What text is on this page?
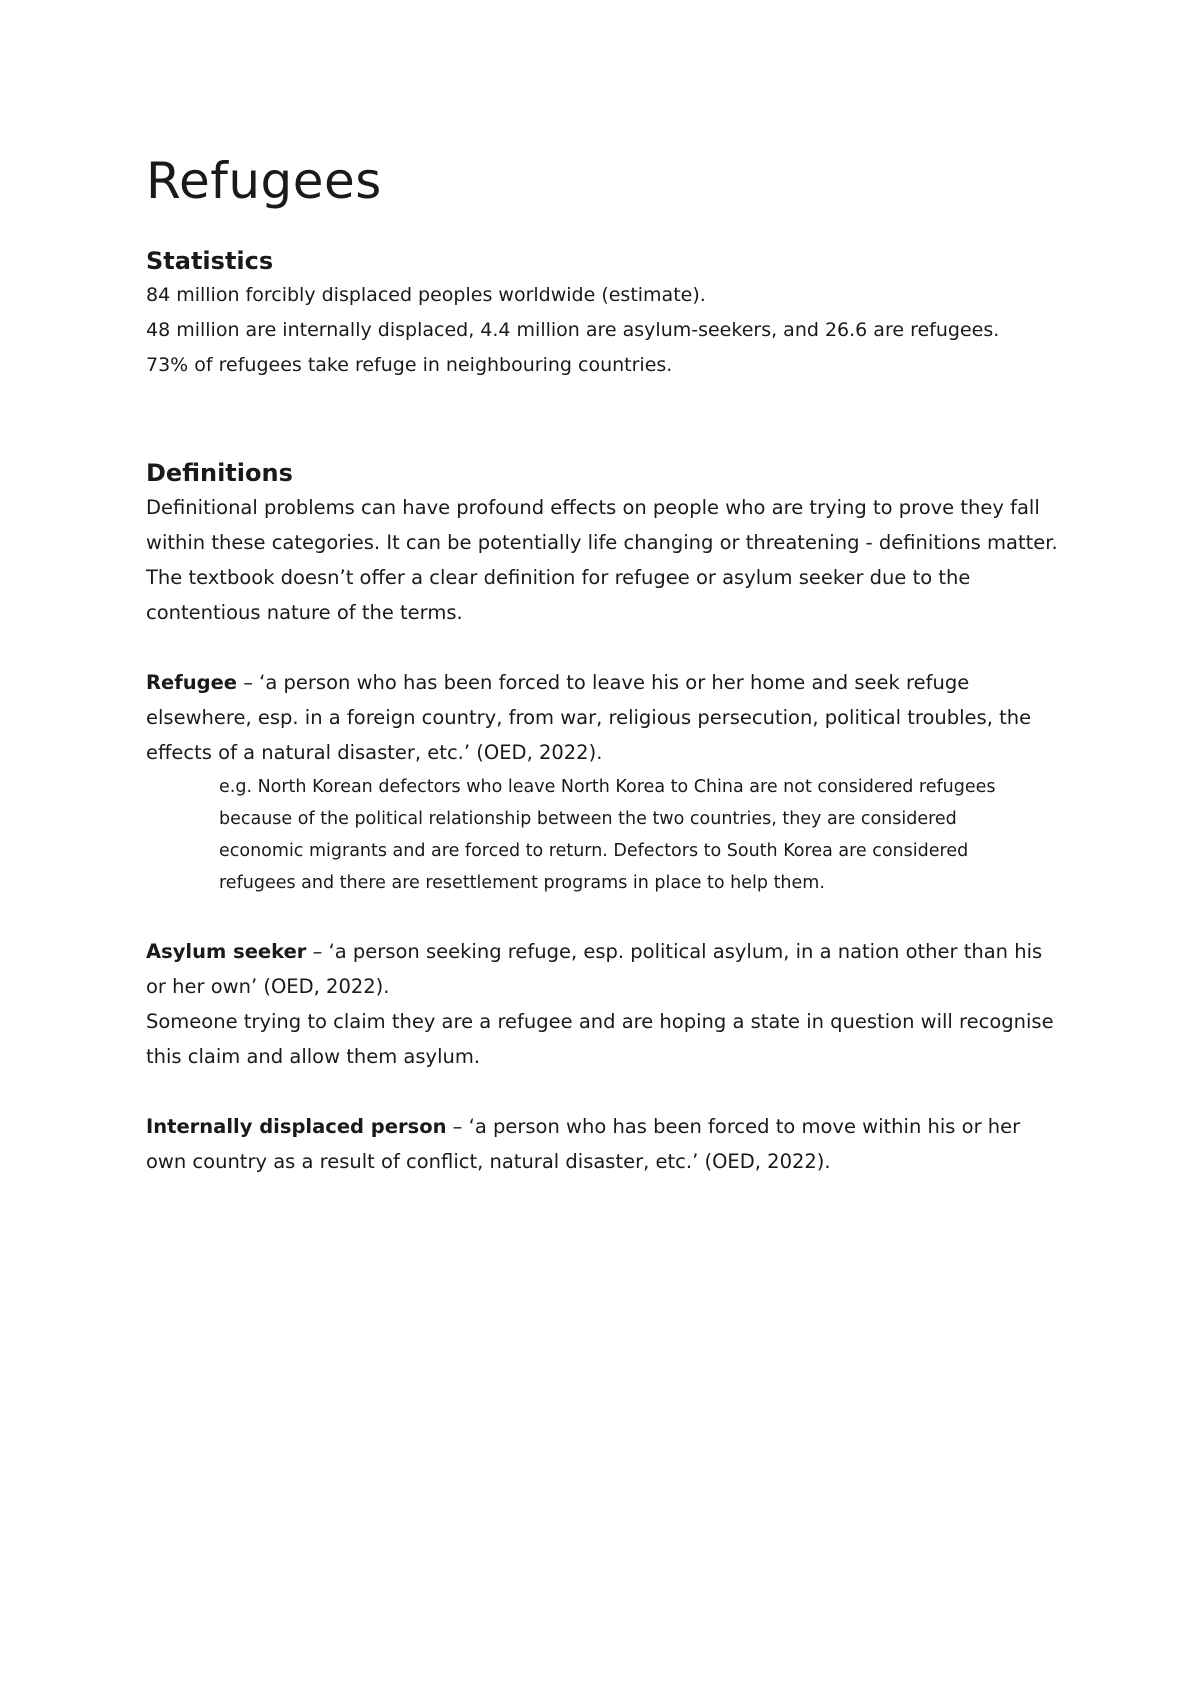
Refugees
Statistics

84 million forcibly displaced peoples worldwide (estimate).

48 million are internally displaced, 4.4 million are asylum-seekers, and 26.6 are refugees.

73% of refugees take refuge in neighbouring countries.

Definitions

Definitional problems can have profound effects on people who are trying to prove they fall within these categories. It can be potentially life changing or threatening - definitions matter. The textbook doesn’t offer a clear definition for refugee or asylum seeker due to the contentious nature of the terms.

Refugee – ‘a person who has been forced to leave his or her home and seek refuge elsewhere, esp. in a foreign country, from war, religious persecution, political troubles, the effects of a natural disaster, etc.’ (OED, 2022).

e.g. North Korean defectors who leave North Korea to China are not considered refugees because of the political relationship between the two countries, they are considered economic migrants and are forced to return. Defectors to South Korea are considered refugees and there are resettlement programs in place to help them.

Asylum seeker – ‘a person seeking refuge, esp. political asylum, in a nation other than his or her own’ (OED, 2022).

Someone trying to claim they are a refugee and are hoping a state in question will recognise this claim and allow them asylum.

Internally displaced person – ‘a person who has been forced to move within his or her own country as a result of conflict, natural disaster, etc.’ (OED, 2022).
